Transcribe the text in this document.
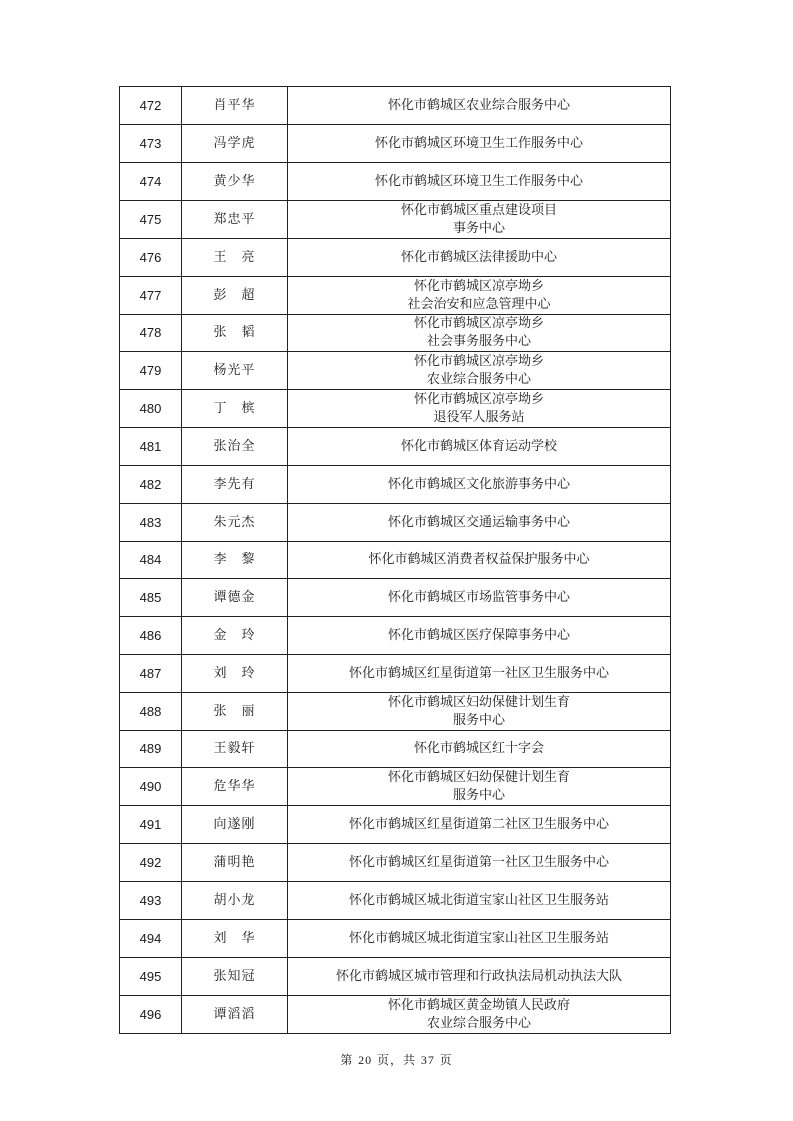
472	肖平华	怀化市鹤城区农业综合服务中心

473	冯学虎	怀化市鹤城区环境卫生工作服务中心

474	黄少华	怀化市鹤城区环境卫生工作服务中心

475	郑忠平	怀化市鹤城区重点建设项目
事务中心

476	王　亮	怀化市鹤城区法律援助中心

477	彭　超	怀化市鹤城区凉亭坳乡
社会治安和应急管理中心

478	张　韬	怀化市鹤城区凉亭坳乡
社会事务服务中心

479	杨光平	怀化市鹤城区凉亭坳乡
农业综合服务中心

480	丁　槟	怀化市鹤城区凉亭坳乡
退役军人服务站

481	张治全	怀化市鹤城区体育运动学校

482	李先有	怀化市鹤城区文化旅游事务中心

483	朱元杰	怀化市鹤城区交通运输事务中心

484	李　黎	怀化市鹤城区消费者权益保护服务中心

485	谭德金	怀化市鹤城区市场监管事务中心

486	金　玲	怀化市鹤城区医疗保障事务中心

487	刘　玲	怀化市鹤城区红星街道第一社区卫生服务中心

488	张　丽	怀化市鹤城区妇幼保健计划生育
服务中心

489	王毅轩	怀化市鹤城区红十字会

490	危华华	怀化市鹤城区妇幼保健计划生育
服务中心

491	向遂刚	怀化市鹤城区红星街道第二社区卫生服务中心

492	蒲明艳	怀化市鹤城区红星街道第一社区卫生服务中心

493	胡小龙	怀化市鹤城区城北街道宝家山社区卫生服务站

494	刘　华	怀化市鹤城区城北街道宝家山社区卫生服务站

495	张知冠	怀化市鹤城区城市管理和行政执法局机动执法大队

496	谭滔滔	怀化市鹤城区黄金坳镇人民政府
农业综合服务中心
第 20 页，共 37 页
